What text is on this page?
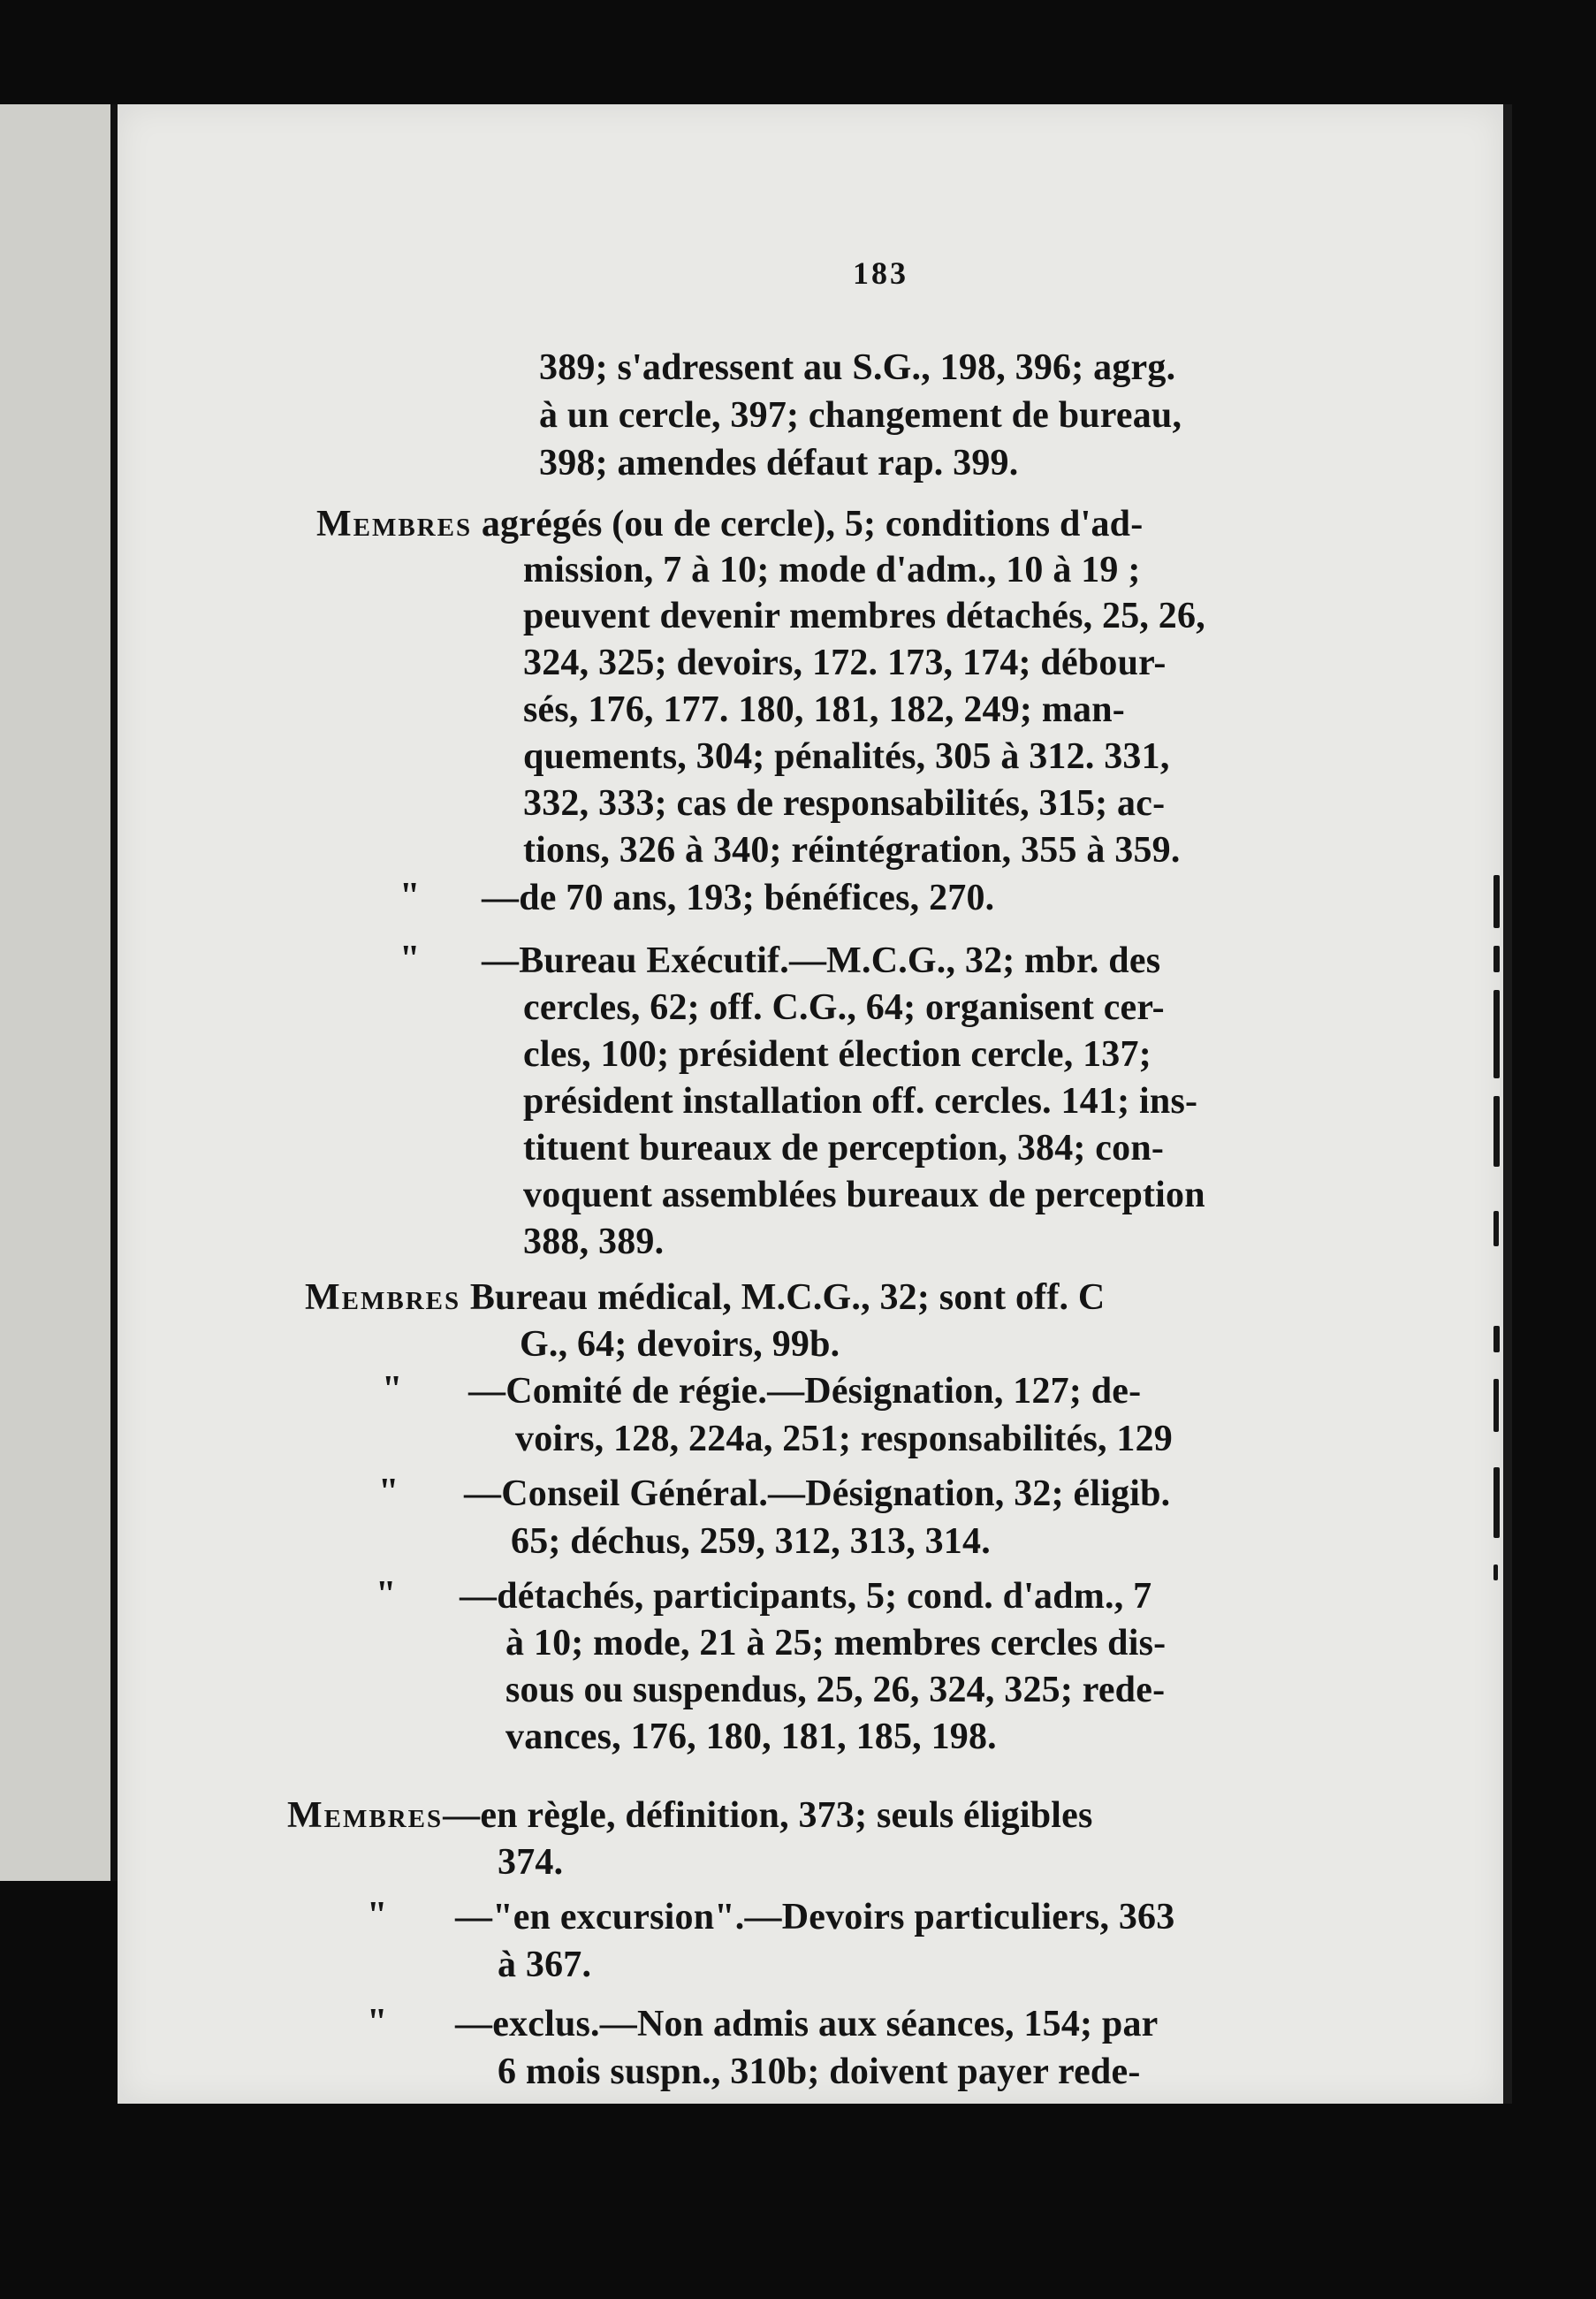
183
389; s'adressent au S.G., 198, 396; agrg.
à un cercle, 397; changement de bureau,
398; amendes défaut rap. 399.
Membres agrégés (ou de cercle), 5; conditions d'ad-
mission, 7 à 10; mode d'adm., 10 à 19 ;
peuvent devenir membres détachés, 25, 26,
324, 325; devoirs, 172. 173, 174; débour-
sés, 176, 177. 180, 181, 182, 249; man-
quements, 304; pénalités, 305 à 312. 331,
332, 333; cas de responsabilités, 315; ac-
tions, 326 à 340; réintégration, 355 à 359.
" —de 70 ans, 193; bénéfices, 270.
" —Bureau Exécutif.—M.C.G., 32; mbr. des
cercles, 62; off. C.G., 64; organisent cer-
cles, 100; président élection cercle, 137;
président installation off. cercles. 141; ins-
tituent bureaux de perception, 384; con-
voquent assemblées bureaux de perception
388, 389.
Membres Bureau médical, M.C.G., 32; sont off. C
G., 64; devoirs, 99b.
" —Comité de régie.—Désignation, 127; de-
voirs, 128, 224a, 251; responsabilités, 129
" —Conseil Général.—Désignation, 32; éligib.
65; déchus, 259, 312, 313, 314.
" —détachés, participants, 5; cond. d'adm., 7
à 10; mode, 21 à 25; membres cercles dis-
sous ou suspendus, 25, 26, 324, 325; rede-
vances, 176, 180, 181, 185, 198.
Membres—en règle, définition, 373; seuls éligibles
374.
" —"en excursion".—Devoirs particuliers, 363
à 367.
" —exclus.—Non admis aux séances, 154; par
6 mois suspn., 310b; doivent payer rede-
